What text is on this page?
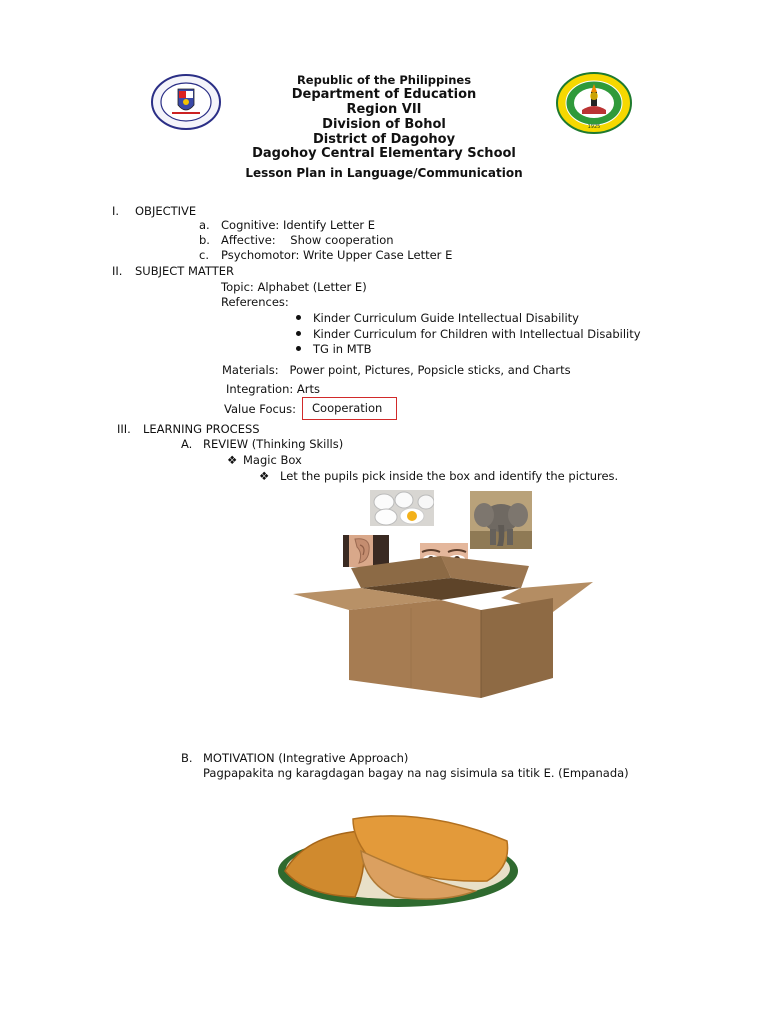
1925
Republic of the Philippines
Department of Education
Region VII
Division of Bohol
District of Dagohoy
Dagohoy Central Elementary School
Lesson Plan in Language/Communication
I. OBJECTIVE
a. Cognitive: Identify Letter E
b. Affective:    Show cooperation
c. Psychomotor: Write Upper Case Letter E
II. SUBJECT MATTER
Topic: Alphabet (Letter E)
References:
Kinder Curriculum Guide Intellectual Disability
Kinder Curriculum for Children with Intellectual Disability
TG in MTB
Materials:   Power point, Pictures, Popsicle sticks, and Charts
Integration: Arts
Value Focus:	Cooperation
III. LEARNING PROCESS
A. REVIEW (Thinking Skills)
❖ Magic Box
❖ Let the pupils pick inside the box and identify the pictures.
B. MOTIVATION (Integrative Approach)
Pagpapakita ng karagdagan bagay na nag sisimula sa titik E. (Empanada)
